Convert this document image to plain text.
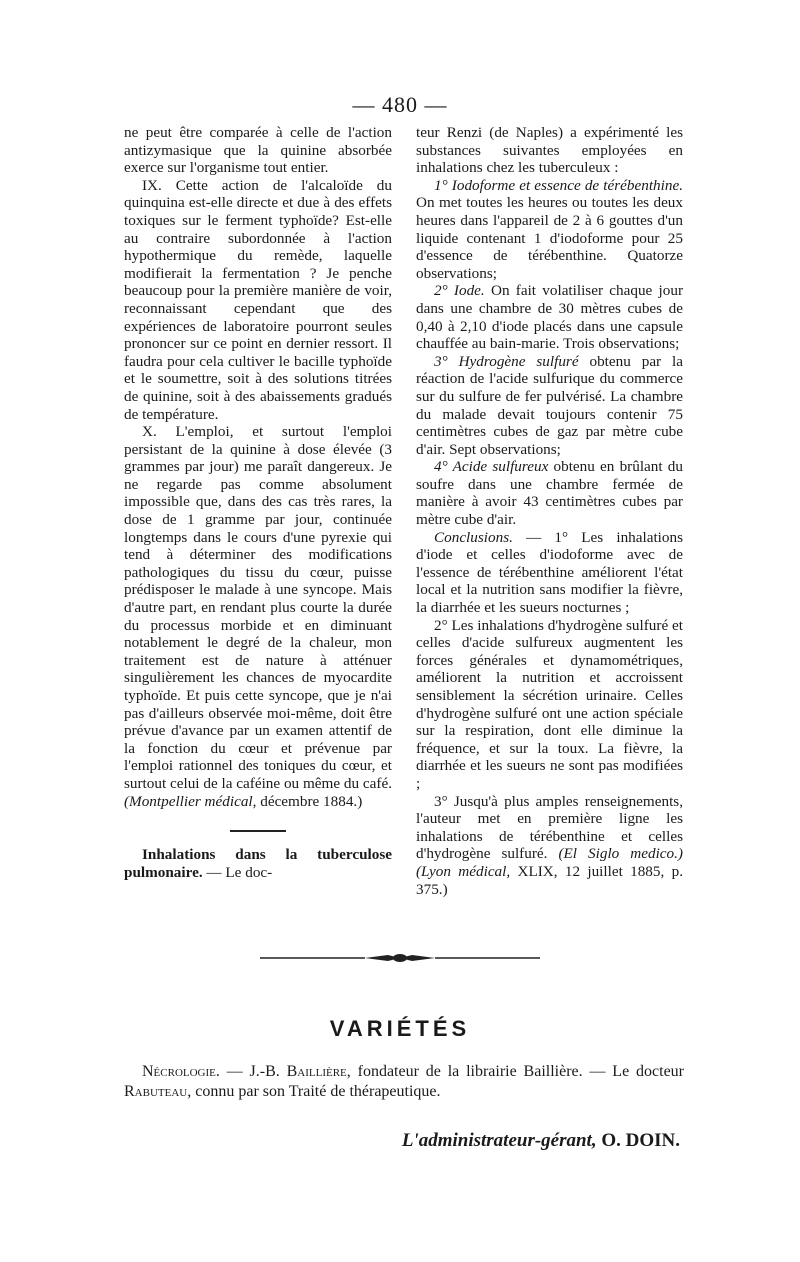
— 480 —

ne peut être comparée à celle de l'action antizymasique que la quinine absorbée exerce sur l'organisme tout entier.

IX. Cette action de l'alcaloïde du quinquina est-elle directe et due à des effets toxiques sur le ferment typhoïde? Est-elle au contraire subordonnée à l'action hypothermique du remède, laquelle modifierait la fermentation ? Je penche beaucoup pour la première manière de voir, reconnaissant cependant que des expériences de laboratoire pourront seules prononcer sur ce point en dernier ressort. Il faudra pour cela cultiver le bacille typhoïde et le soumettre, soit à des solutions titrées de quinine, soit à des abaissements gradués de température.

X. L'emploi, et surtout l'emploi persistant de la quinine à dose élevée (3 grammes par jour) me paraît dangereux. Je ne regarde pas comme absolument impossible que, dans des cas très rares, la dose de 1 gramme par jour, continuée longtemps dans le cours d'une pyrexie qui tend à déterminer des modifications pathologiques du tissu du cœur, puisse prédisposer le malade à une syncope. Mais d'autre part, en rendant plus courte la durée du processus morbide et en diminuant notablement le degré de la chaleur, mon traitement est de nature à atténuer singulièrement les chances de myocardite typhoïde. Et puis cette syncope, que je n'ai pas d'ailleurs observée moi-même, doit être prévue d'avance par un examen attentif de la fonction du cœur et prévenue par l'emploi rationnel des toniques du cœur, et surtout celui de la caféine ou même du café. (Montpellier médical, décembre 1884.)

Inhalations dans la tuberculose pulmonaire. — Le doc-

teur Renzi (de Naples) a expérimenté les substances suivantes employées en inhalations chez les tuberculeux :

1° Iodoforme et essence de térébenthine. On met toutes les heures ou toutes les deux heures dans l'appareil de 2 à 6 gouttes d'un liquide contenant 1 d'iodoforme pour 25 d'essence de térébenthine. Quatorze observations;

2° Iode. On fait volatiliser chaque jour dans une chambre de 30 mètres cubes de 0,40 à 2,10 d'iode placés dans une capsule chauffée au bain-marie. Trois observations;

3° Hydrogène sulfuré obtenu par la réaction de l'acide sulfurique du commerce sur du sulfure de fer pulvérisé. La chambre du malade devait toujours contenir 75 centimètres cubes de gaz par mètre cube d'air. Sept observations;

4° Acide sulfureux obtenu en brûlant du soufre dans une chambre fermée de manière à avoir 43 centimètres cubes par mètre cube d'air.

Conclusions. — 1° Les inhalations d'iode et celles d'iodoforme avec de l'essence de térébenthine améliorent l'état local et la nutrition sans modifier la fièvre, la diarrhée et les sueurs nocturnes ;

2° Les inhalations d'hydrogène sulfuré et celles d'acide sulfureux augmentent les forces générales et dynamométriques, améliorent la nutrition et accroissent sensiblement la sécrétion urinaire. Celles d'hydrogène sulfuré ont une action spéciale sur la respiration, dont elle diminue la fréquence, et sur la toux. La fièvre, la diarrhée et les sueurs ne sont pas modifiées ;

3° Jusqu'à plus amples renseignements, l'auteur met en première ligne les inhalations de térébenthine et celles d'hydrogène sulfuré. (El Siglo medico.) (Lyon médical, XLIX, 12 juillet 1885, p. 375.)

VARIÉTÉS

Nécrologie. — J.-B. Baillière, fondateur de la librairie Baillière. — Le docteur Rabuteau, connu par son Traité de thérapeutique.

L'administrateur-gérant, O. DOIN.
